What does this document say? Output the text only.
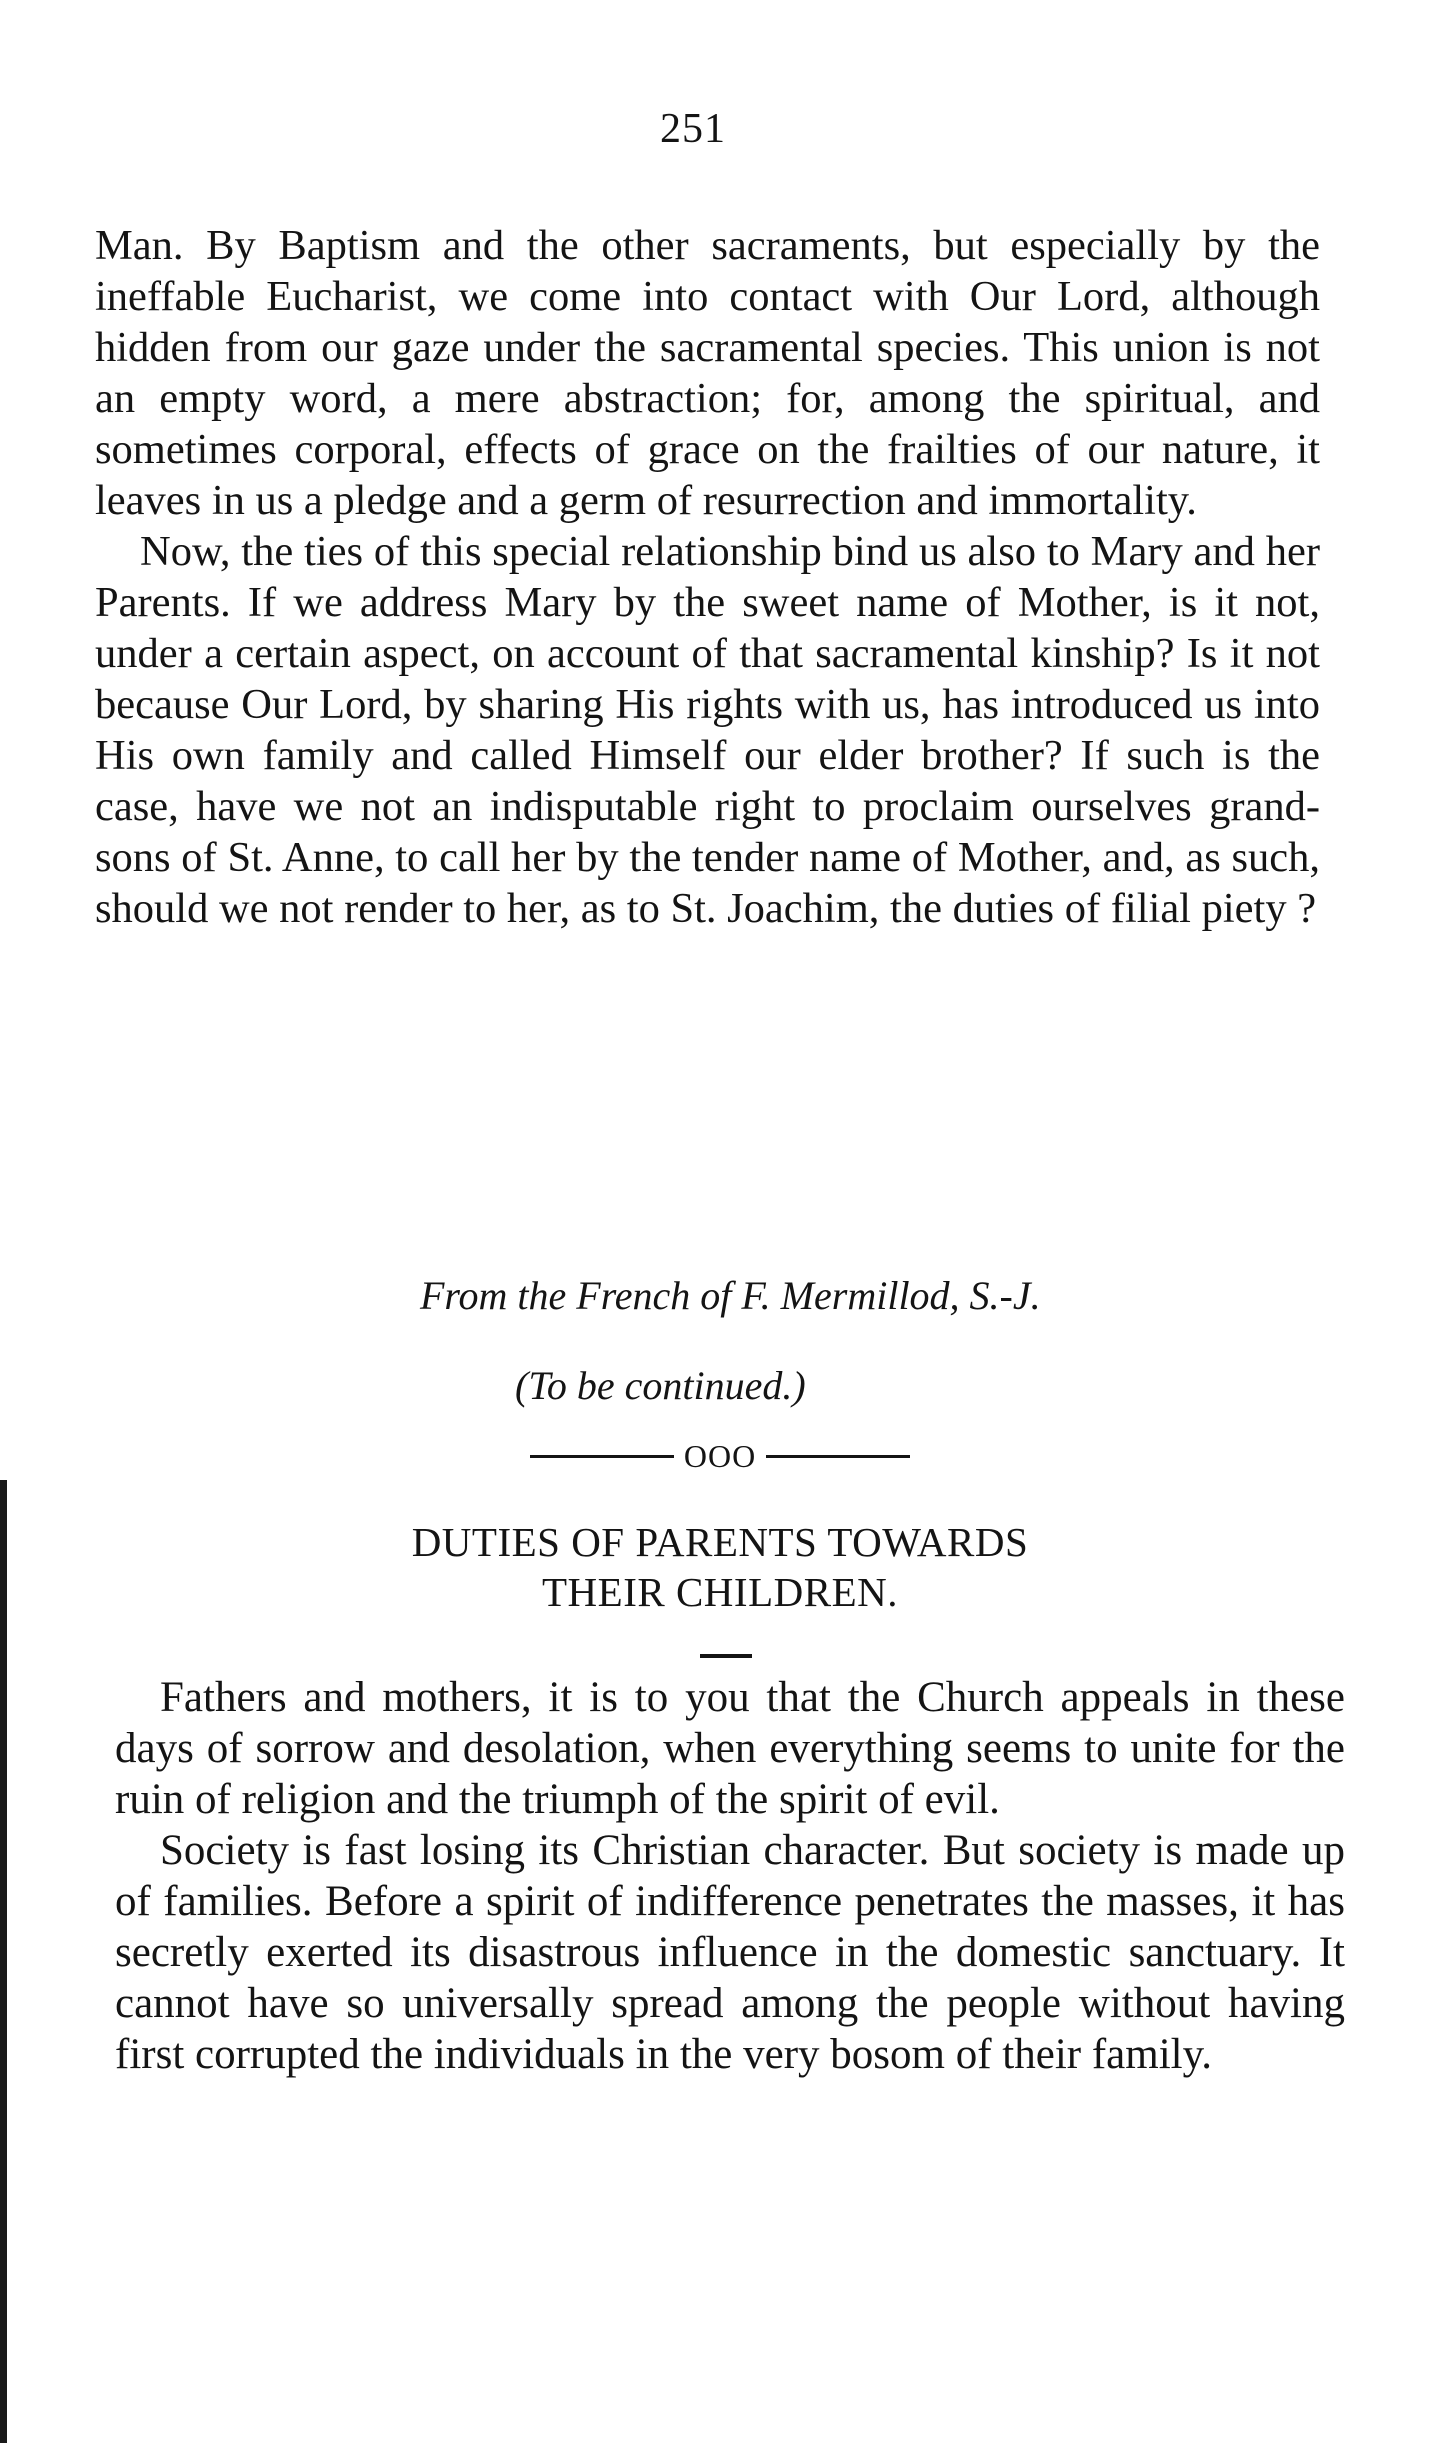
251

Man. By Baptism and the other sacraments, but especially by the ineffable Eucharist, we come into contact with Our Lord, although hidden from our gaze under the sacramental species. This union is not an empty word, a mere abstraction; for, among the spiritual, and sometimes corporal, effects of grace on the frailties of our nature, it leaves in us a pledge and a germ of resurrection and immortality.

Now, the ties of this special relationship bind us also to Mary and her Parents. If we address Mary by the sweet name of Mother, is it not, under a certain aspect, on account of that sacramental kinship? Is it not because Our Lord, by sharing His rights with us, has introduced us into His own family and called Himself our elder brother? If such is the case, have we not an indisputable right to proclaim ourselves grand-sons of St. Anne, to call her by the tender name of Mother, and, as such, should we not render to her, as to St. Joachim, the duties of filial piety ?

From the French of F. Mermillod, S.-J.
(To be continued.)
OOO
DUTIES OF PARENTS TOWARDS
THEIR CHILDREN.

Fathers and mothers, it is to you that the Church appeals in these days of sorrow and desolation, when everything seems to unite for the ruin of religion and the triumph of the spirit of evil.

Society is fast losing its Christian character. But society is made up of families. Before a spirit of indifference penetrates the masses, it has secretly exerted its disastrous influence in the domestic sanctuary. It cannot have so universally spread among the people without having first corrupted the individuals in the very bosom of their family.
